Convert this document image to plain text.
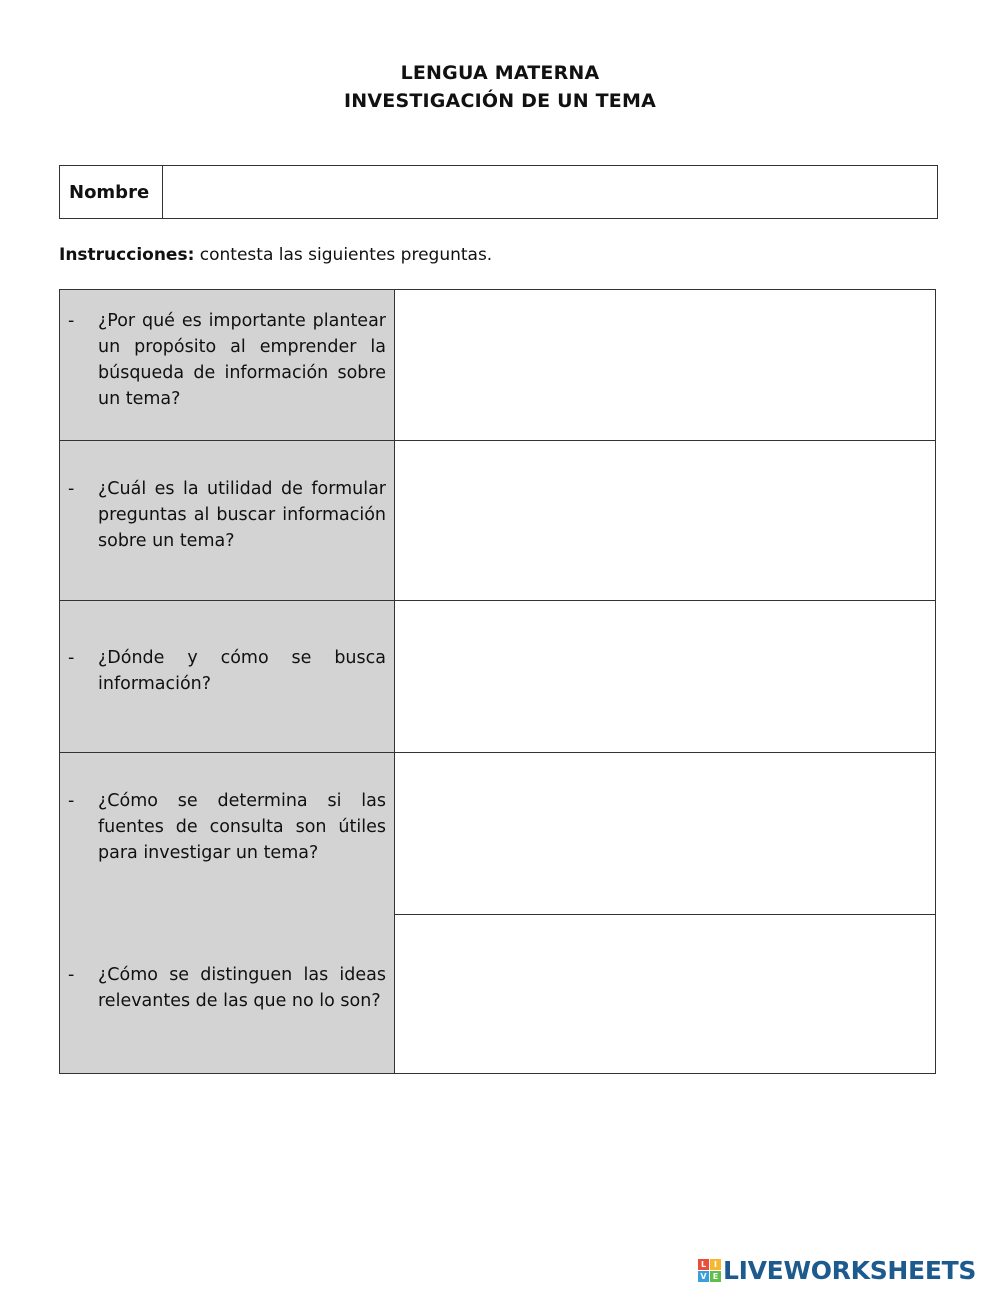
LENGUA MATERNA
INVESTIGACIÓN DE UN TEMA
Nombre
Instrucciones: contesta las siguientes preguntas.
- ¿Por qué es importante plantear un propósito al emprender la búsqueda de información sobre un tema?
- ¿Cuál es la utilidad de formular preguntas al buscar información sobre un tema?
- ¿Dónde y cómo se busca información?
- ¿Cómo se determina si las fuentes de consulta son útiles para investigar un tema?
- ¿Cómo se distinguen las ideas relevantes de las que no lo son?
L I
V E LIVEWORKSHEETS
